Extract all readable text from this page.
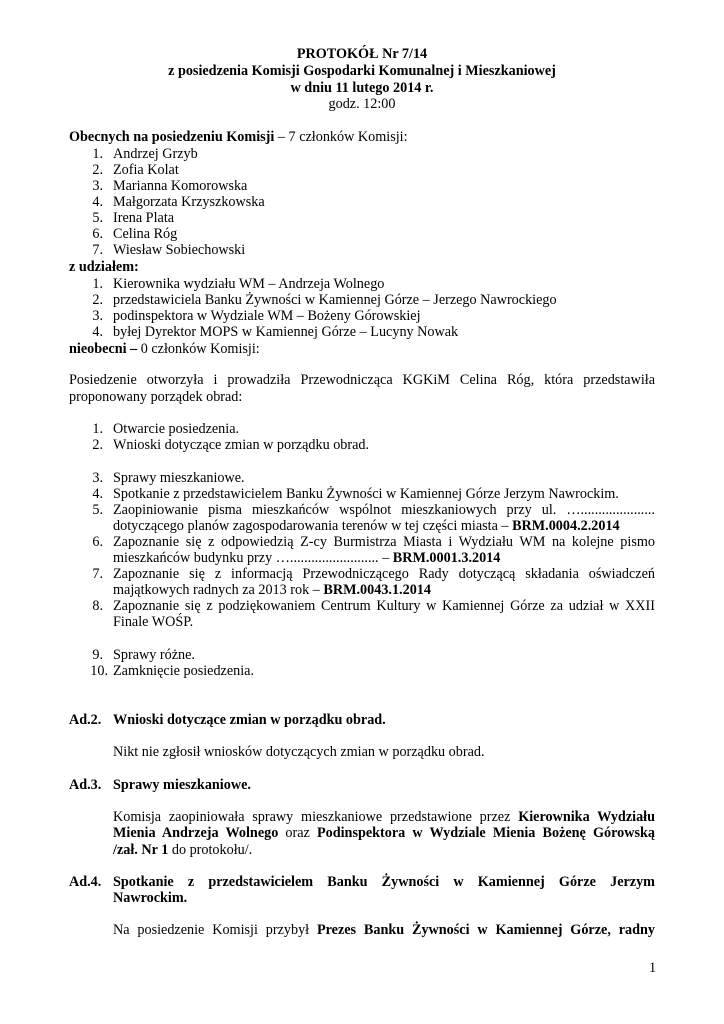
PROTOKÓŁ Nr 7/14
z posiedzenia Komisji Gospodarki Komunalnej i Mieszkaniowej
w dniu 11 lutego 2014 r.
godz. 12:00
Obecnych na posiedzeniu Komisji – 7 członków Komisji:
1. Andrzej Grzyb
2. Zofia Kolat
3. Marianna Komorowska
4. Małgorzata Krzyszkowska
5. Irena Plata
6. Celina Róg
7. Wiesław Sobiechowski
z udziałem:
1. Kierownika wydziału WM – Andrzeja Wolnego
2. przedstawiciela Banku Żywności w Kamiennej Górze – Jerzego Nawrockiego
3. podinspektora w Wydziale WM – Bożeny Górowskiej
4. byłej Dyrektor MOPS w Kamiennej Górze – Lucyny Nowak
nieobecni – 0 członków Komisji:
Posiedzenie otworzyła i prowadziła Przewodnicząca KGKiM Celina Róg, która przedstawiła
proponowany porządek obrad:
1. Otwarcie posiedzenia.
2. Wnioski dotyczące zmian w porządku obrad.
3. Sprawy mieszkaniowe.
4. Spotkanie z przedstawicielem Banku Żywności w Kamiennej Górze Jerzym Nawrockim.
5. Zaopiniowanie pisma mieszkańców wspólnot mieszkaniowych przy ul. ….....................
dotyczącego planów zagospodarowania terenów w tej części miasta – BRM.0004.2.2014
6. Zapoznanie się z odpowiedzią Z-cy Burmistrza Miasta i Wydziału WM na kolejne pismo
mieszkańców budynku przy …......................... – BRM.0001.3.2014
7. Zapoznanie się z informacją Przewodniczącego Rady dotyczącą składania oświadczeń
majątkowych radnych za 2013 rok – BRM.0043.1.2014
8. Zapoznanie się z podziękowaniem Centrum Kultury w Kamiennej Górze za udział w XXII
Finale WOŚP.
9. Sprawy różne.
10. Zamknięcie posiedzenia.
Ad.2. Wnioski dotyczące zmian w porządku obrad.
Nikt nie zgłosił wniosków dotyczących zmian w porządku obrad.
Ad.3. Sprawy mieszkaniowe.
Komisja zaopiniowała sprawy mieszkaniowe przedstawione przez Kierownika Wydziału
Mienia Andrzeja Wolnego oraz Podinspektora w Wydziale Mienia Bożenę Górowską
/zał. Nr 1 do protokołu/.
Ad.4. Spotkanie z przedstawicielem Banku Żywności w Kamiennej Górze Jerzym
Nawrockim.
Na posiedzenie Komisji przybył Prezes Banku Żywności w Kamiennej Górze, radny
1
